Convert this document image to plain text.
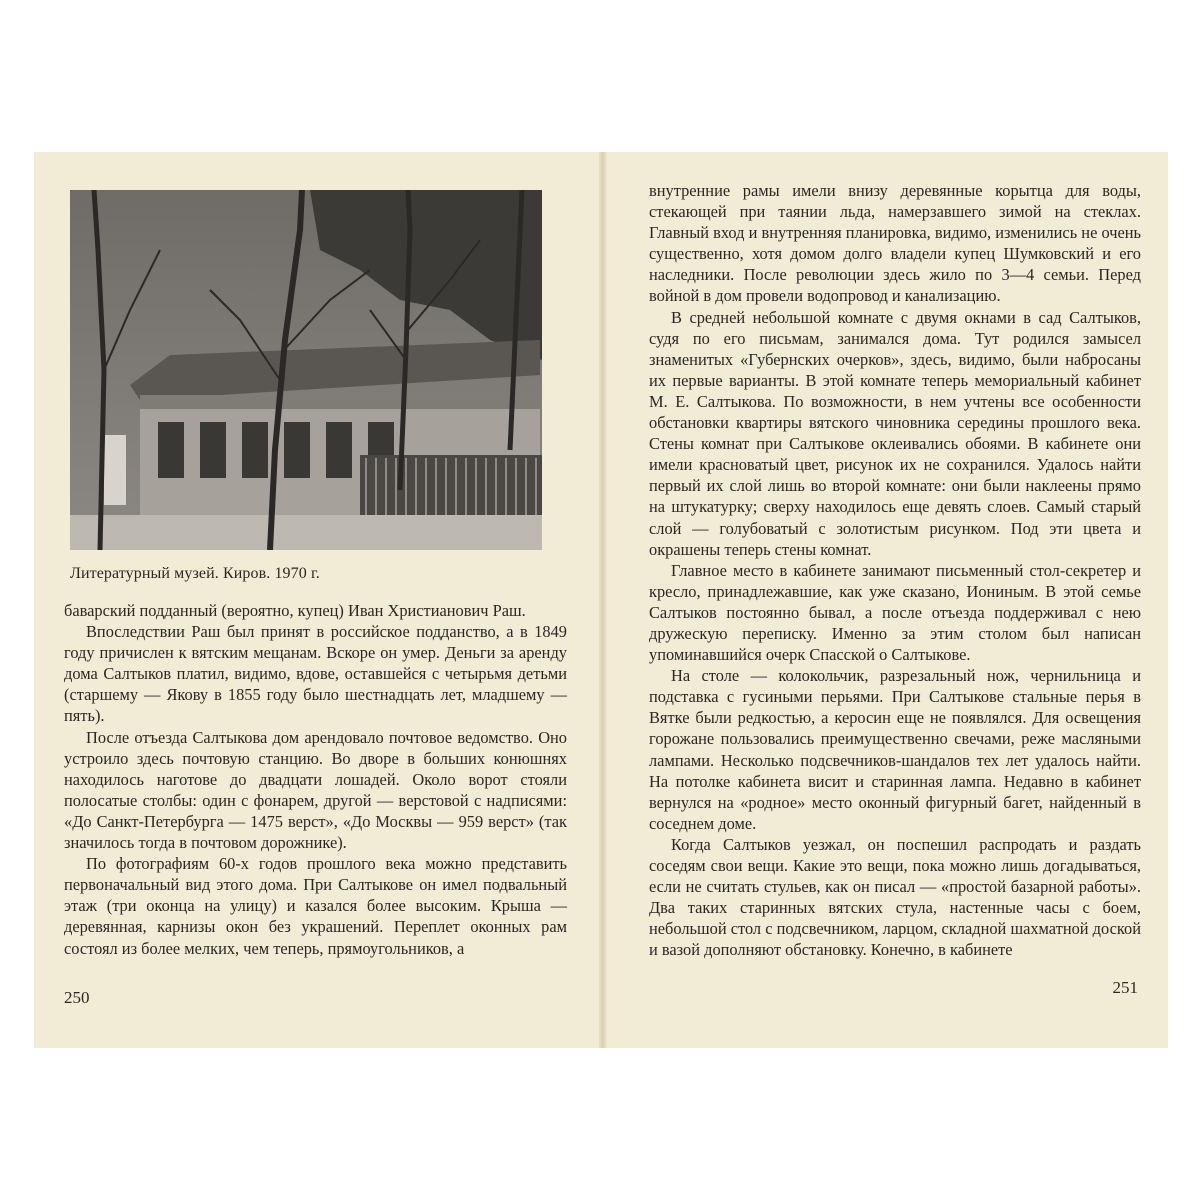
Литературный музей. Киров. 1970 г.

баварский подданный (вероятно, купец) Иван Христианович Раш.

Впоследствии Раш был принят в российское подданство, а в 1849 году причислен к вятским мещанам. Вскоре он умер. Деньги за аренду дома Салтыков платил, видимо, вдове, оставшейся с четырьмя детьми (старшему — Якову в 1855 году было шестнадцать лет, младшему — пять).

После отъезда Салтыкова дом арендовало почтовое ведомство. Оно устроило здесь почтовую станцию. Во дворе в больших конюшнях находилось наготове до двадцати лошадей. Около ворот стояли полосатые столбы: один с фонарем, другой — верстовой с надписями: «До Санкт-Петербурга — 1475 верст», «До Москвы — 959 верст» (так значилось тогда в почтовом дорожнике).

По фотографиям 60-х годов прошлого века можно представить первоначальный вид этого дома. При Салтыкове он имел подвальный этаж (три оконца на улицу) и казался более высоким. Крыша — деревянная, карнизы окон без украшений. Переплет оконных рам состоял из более мелких, чем теперь, прямоугольников, а

250

внутренние рамы имели внизу деревянные корытца для воды, стекающей при таянии льда, намерзавшего зимой на стеклах. Главный вход и внутренняя планировка, видимо, изменились не очень существенно, хотя домом долго владели купец Шумковский и его наследники. После революции здесь жило по 3—4 семьи. Перед войной в дом провели водопровод и канализацию.

В средней небольшой комнате с двумя окнами в сад Салтыков, судя по его письмам, занимался дома. Тут родился замысел знаменитых «Губернских очерков», здесь, видимо, были набросаны их первые варианты. В этой комнате теперь мемориальный кабинет М. Е. Салтыкова. По возможности, в нем учтены все особенности обстановки квартиры вятского чиновника середины прошлого века. Стены комнат при Салтыкове оклеивались обоями. В кабинете они имели красноватый цвет, рисунок их не сохранился. Удалось найти первый их слой лишь во второй комнате: они были наклеены прямо на штукатурку; сверху находилось еще девять слоев. Самый старый слой — голубоватый с золотистым рисунком. Под эти цвета и окрашены теперь стены комнат.

Главное место в кабинете занимают письменный стол-секретер и кресло, принадлежавшие, как уже сказано, Иониным. В этой семье Салтыков постоянно бывал, а после отъезда поддерживал с нею дружескую переписку. Именно за этим столом был написан упоминавшийся очерк Спасской о Салтыкове.

На столе — колокольчик, разрезальный нож, чернильница и подставка с гусиными перьями. При Салтыкове стальные перья в Вятке были редкостью, а керосин еще не появлялся. Для освещения горожане пользовались преимущественно свечами, реже масляными лампами. Несколько подсвечников-шандалов тех лет удалось найти. На потолке кабинета висит и старинная лампа. Недавно в кабинет вернулся на «родное» место оконный фигурный багет, найденный в соседнем доме.

Когда Салтыков уезжал, он поспешил распродать и раздать соседям свои вещи. Какие это вещи, пока можно лишь догадываться, если не считать стульев, как он писал — «простой базарной работы». Два таких старинных вятских стула, настенные часы с боем, небольшой стол с подсвечником, ларцом, складной шахматной доской и вазой дополняют обстановку. Конечно, в кабинете

251
